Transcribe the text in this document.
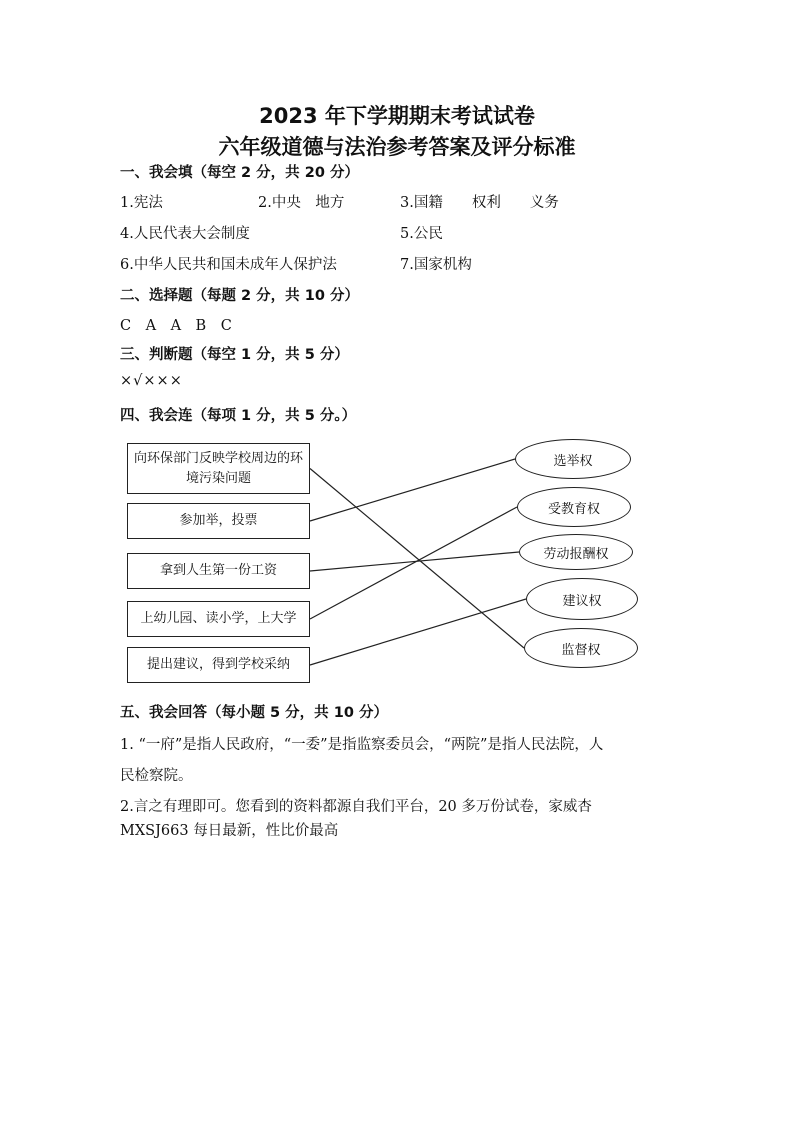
2023 年下学期期末考试试卷
六年级道德与法治参考答案及评分标准
一、我会填（每空 2 分，共 20 分）
1.宪法	2.中央　地方	3.国籍　　权利　　义务
4.人民代表大会制度	5.公民
6.中华人民共和国未成年人保护法	7.国家机构
二、选择题（每题 2 分，共 10 分）
C　A　A　B　C
三、判断题（每空 1 分，共 5 分）
×√×××
四、我会连（每项 1 分，共 5 分。）
向环保部门反映学校周边的环境污染问题
参加举，投票
拿到人生第一份工资
上幼儿园、读小学，上大学
提出建议，得到学校采纳
选举权
受教育权
劳动报酬权
建议权
监督权
五、我会回答（每小题 5 分，共 10 分）
1. “一府”是指人民政府，“一委”是指监察委员会，“两院”是指人民法院，人
民检察院。
2.言之有理即可。您看到的资料都源自我们平台，20 多万份试卷，家威杏
MXSJ663 每日最新，性比价最高
